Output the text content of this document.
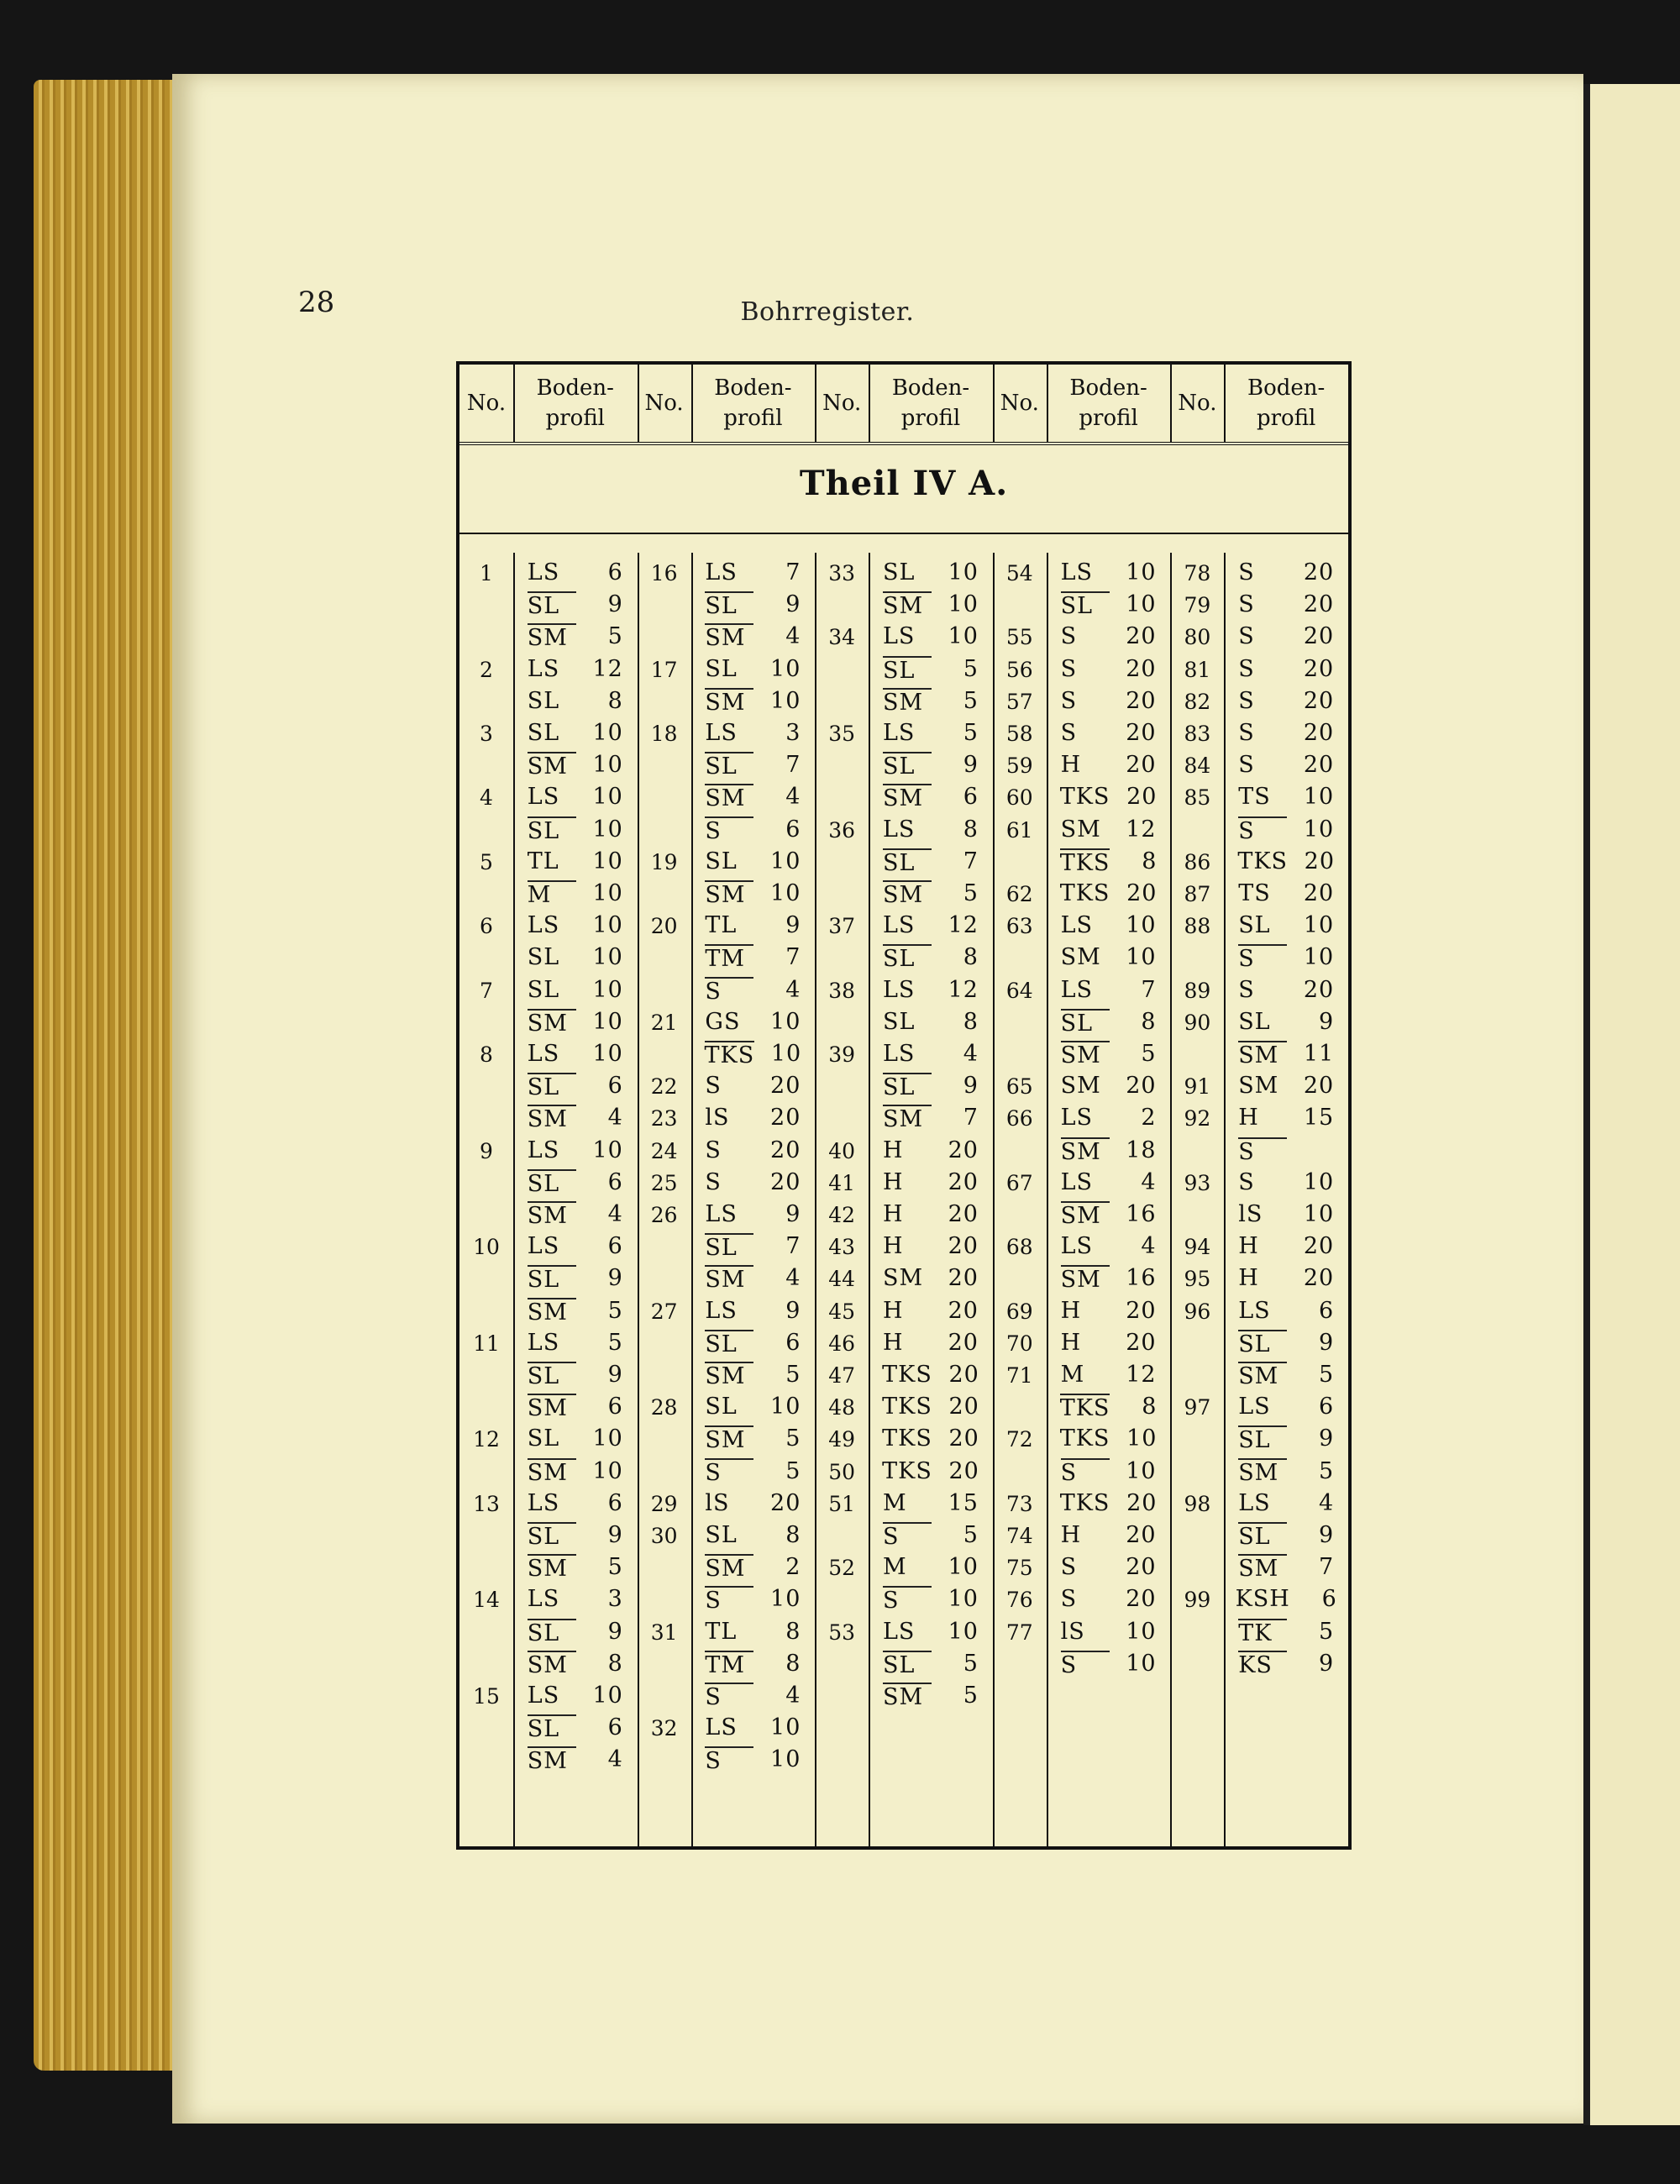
28	Bohrregister.
No.
Boden-
profil
No.
Boden-
profil
No.
Boden-
profil
No.
Boden-
profil
No.
Boden-
profil
Theil IV A.
1	LS	6
SL	9
SM	5
2	LS	12
SL	8
3	SL	10
SM	10
4	LS	10
SL	10
5	TL	10
M	10
6	LS	10
SL	10
7	SL	10
SM	10
8	LS	10
SL	6
SM	4
9	LS	10
SL	6
SM	4
10	LS	6
SL	9
SM	5
11	LS	5
SL	9
SM	6
12	SL	10
SM	10
13	LS	6
SL	9
SM	5
14	LS	3
SL	9
SM	8
15	LS	10
SL	6
SM	4
16	LS	7
SL	9
SM	4
17	SL	10
SM	10
18	LS	3
SL	7
SM	4
S	6
19	SL	10
SM	10
20	TL	9
TM	7
S	4
21	GS	10
TKS 10
22	S	20
23	lS	20
24	S	20
25	S	20
26	LS	9
SL	7
SM	4
27	LS	9
SL	6
SM	5
28	SL	10
SM	5
S	5
29	lS	20
30	SL	8
SM	2
S	10
31	TL	8
TM	8
S	4
32	LS	10
S	10
33	SL	10
SM	10
34	LS	10
SL	5
SM	5
35	LS	5
SL	9
SM	6
36	LS	8
SL	7
SM	5
37	LS	12
SL	8
38	LS	12
SL	8
39	LS	4
SL	9
SM	7
40	H	20
41	H	20
42	H	20
43	H	20
44	SM	20
45	H	20
46	H	20
47	TKS 20
48	TKS 20
49	TKS 20
50	TKS 20
51	M	15
S	5
52	M	10
S	10
53	LS	10
SL	5
SM	5
54	LS	10
SL	10
55	S	20
56	S	20
57	S	20
58	S	20
59	H	20
60	TKS 20
61	SM	12
TKS	8
62	TKS 20
63	LS	10
SM	10
64	LS	7
SL	8
SM	5
65	SM	20
66	LS	2
SM	18
67	LS	4
SM	16
68	LS	4
SM	16
69	H	20
70	H	20
71	M	12
TKS	8
72	TKS 10
S	10
73	TKS 20
74	H	20
75	S	20
76	S	20
77	lS	10
S	10
78	S	20
79	S	20
80	S	20
81	S	20
82	S	20
83	S	20
84	S	20
85	TS	10
S	10
86	TKS 20
87	TS	20
88	SL	10
S	10
89	S	20
90	SL	9
SM	11
91	SM	20
92	H	15
S
93	S	10
lS	10
94	H	20
95	H	20
96	LS	6
SL	9
SM	5
97	LS	6
SL	9
SM	5
98	LS	4
SL	9
SM	7
99	KSH	6
TK	5
KS	9
